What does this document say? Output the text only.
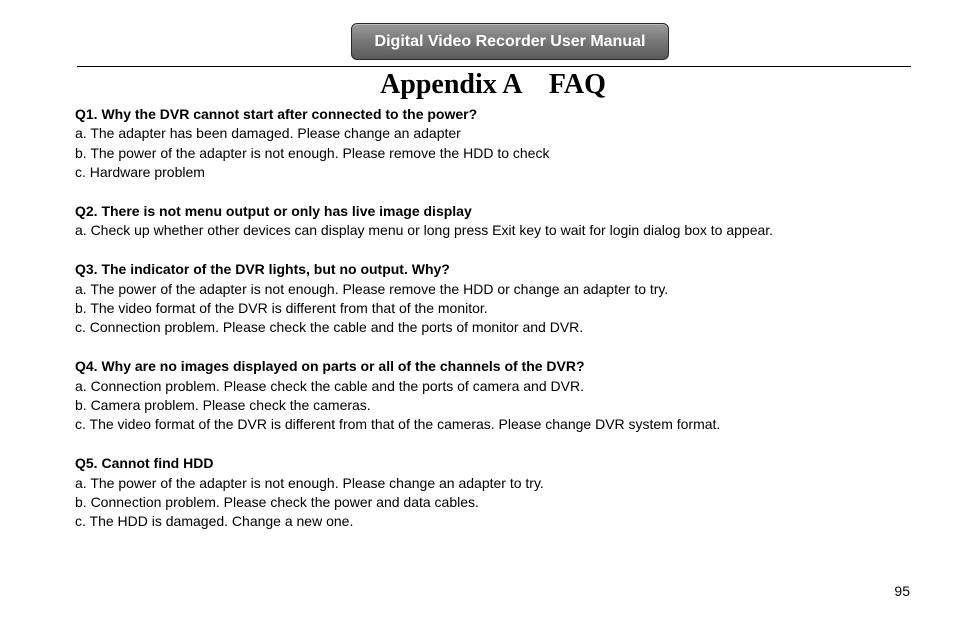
Digital Video Recorder User Manual
Appendix A    FAQ
Q1. Why the DVR cannot start after connected to the power?
a. The adapter has been damaged. Please change an adapter
b. The power of the adapter is not enough. Please remove the HDD to check
c. Hardware problem
Q2. There is not menu output or only has live image display
a. Check up whether other devices can display menu or long press Exit key to wait for login dialog box to appear.
Q3. The indicator of the DVR lights, but no output. Why?
a. The power of the adapter is not enough. Please remove the HDD or change an adapter to try.
b. The video format of the DVR is different from that of the monitor.
c. Connection problem. Please check the cable and the ports of monitor and DVR.
Q4. Why are no images displayed on parts or all of the channels of the DVR?
a. Connection problem. Please check the cable and the ports of camera and DVR.
b. Camera problem. Please check the cameras.
c. The video format of the DVR is different from that of the cameras. Please change DVR system format.
Q5. Cannot find HDD
a. The power of the adapter is not enough. Please change an adapter to try.
b. Connection problem. Please check the power and data cables.
c. The HDD is damaged. Change a new one.
95
